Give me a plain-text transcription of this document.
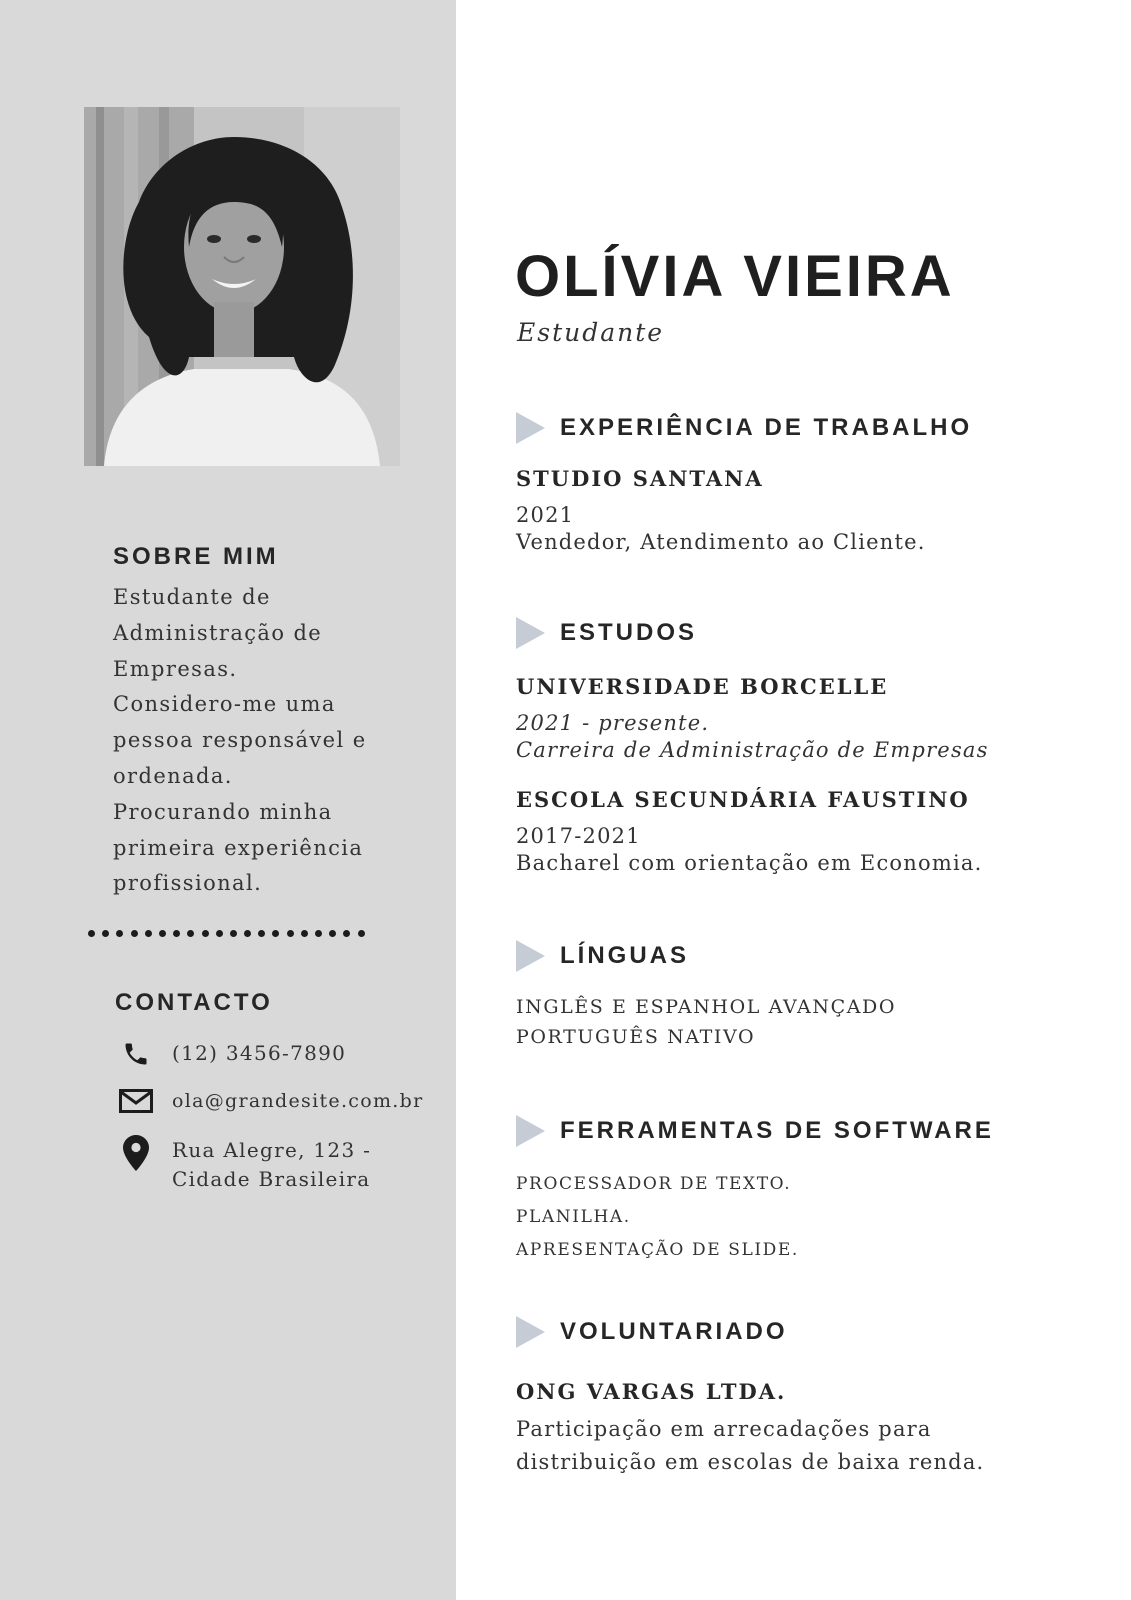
SOBRE MIM
Estudante de
Administração de
Empresas.
Considero-me uma
pessoa responsável e
ordenada.
Procurando minha
primeira experiência
profissional.
CONTACTO
(12) 3456-7890
ola@grandesite.com.br
Rua Alegre, 123 -
Cidade Brasileira
OLÍVIA VIEIRA
Estudante
EXPERIÊNCIA DE TRABALHO
STUDIO SANTANA
2021
Vendedor, Atendimento ao Cliente.
ESTUDOS
UNIVERSIDADE BORCELLE
2021 - presente.
Carreira de Administração de Empresas
ESCOLA SECUNDÁRIA FAUSTINO
2017-2021
Bacharel com orientação em Economia.
LÍNGUAS
INGLÊS E ESPANHOL AVANÇADO
PORTUGUÊS NATIVO
FERRAMENTAS DE SOFTWARE
PROCESSADOR DE TEXTO.
PLANILHA.
APRESENTAÇÃO DE SLIDE.
VOLUNTARIADO
ONG VARGAS LTDA.
Participação em arrecadações para
distribuição em escolas de baixa renda.
